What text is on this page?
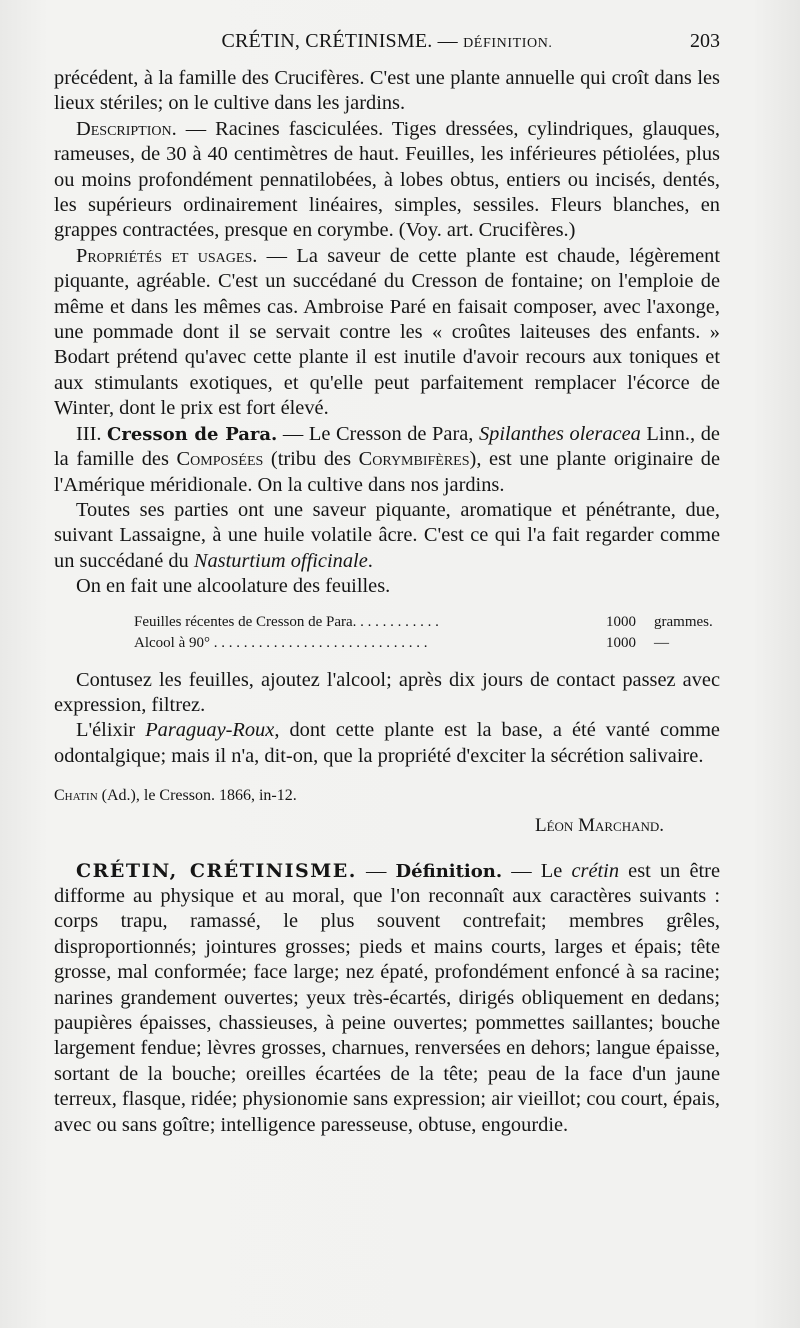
CRÉTIN, CRÉTINISME. — DÉFINITION.	203

précédent, à la famille des Crucifères. C'est une plante annuelle qui croît dans les lieux stériles; on le cultive dans les jardins.

Description. — Racines fasciculées. Tiges dressées, cylindriques, glauques, rameuses, de 30 à 40 centimètres de haut. Feuilles, les inférieures pétiolées, plus ou moins profondément pennatilobées, à lobes obtus, entiers ou incisés, dentés, les supérieurs ordinairement linéaires, simples, sessiles. Fleurs blanches, en grappes contractées, presque en corymbe. (Voy. art. Crucifères.)

Propriétés et usages. — La saveur de cette plante est chaude, légèrement piquante, agréable. C'est un succédané du Cresson de fontaine; on l'emploie de même et dans les mêmes cas. Ambroise Paré en faisait composer, avec l'axonge, une pommade dont il se servait contre les « croûtes laiteuses des enfants. » Bodart prétend qu'avec cette plante il est inutile d'avoir recours aux toniques et aux stimulants exotiques, et qu'elle peut parfaitement remplacer l'écorce de Winter, dont le prix est fort élevé.

III. Cresson de Para. — Le Cresson de Para, Spilanthes oleracea Linn., de la famille des Composées (tribu des Corymbifères), est une plante originaire de l'Amérique méridionale. On la cultive dans nos jardins.

Toutes ses parties ont une saveur piquante, aromatique et pénétrante, due, suivant Lassaigne, à une huile volatile âcre. C'est ce qui l'a fait regarder comme un succédané du Nasturtium officinale.

On en fait une alcoolature des feuilles.

Feuilles récentes de Cresson de Para. . . . . . . . . . . .	1000 grammes.
Alcool à 90° . . . . . . . . . . . . . . . . . . . . . . . . . . . . .	1000 —

Contusez les feuilles, ajoutez l'alcool; après dix jours de contact passez avec expression, filtrez.

L'élixir Paraguay-Roux, dont cette plante est la base, a été vanté comme odontalgique; mais il n'a, dit-on, que la propriété d'exciter la sécrétion salivaire.

Chatin (Ad.), le Cresson. 1866, in-12.
Léon Marchand.

CRÉTIN, CRÉTINISME. — Définition. — Le crétin est un être difforme au physique et au moral, que l'on reconnaît aux caractères suivants : corps trapu, ramassé, le plus souvent contrefait; membres grêles, disproportionnés; jointures grosses; pieds et mains courts, larges et épais; tête grosse, mal conformée; face large; nez épaté, profondément enfoncé à sa racine; narines grandement ouvertes; yeux très-écartés, dirigés obliquement en dedans; paupières épaisses, chassieuses, à peine ouvertes; pommettes saillantes; bouche largement fendue; lèvres grosses, charnues, renversées en dehors; langue épaisse, sortant de la bouche; oreilles écartées de la tête; peau de la face d'un jaune terreux, flasque, ridée; physionomie sans expression; air vieillot; cou court, épais, avec ou sans goître; intelligence paresseuse, obtuse, engourdie.
